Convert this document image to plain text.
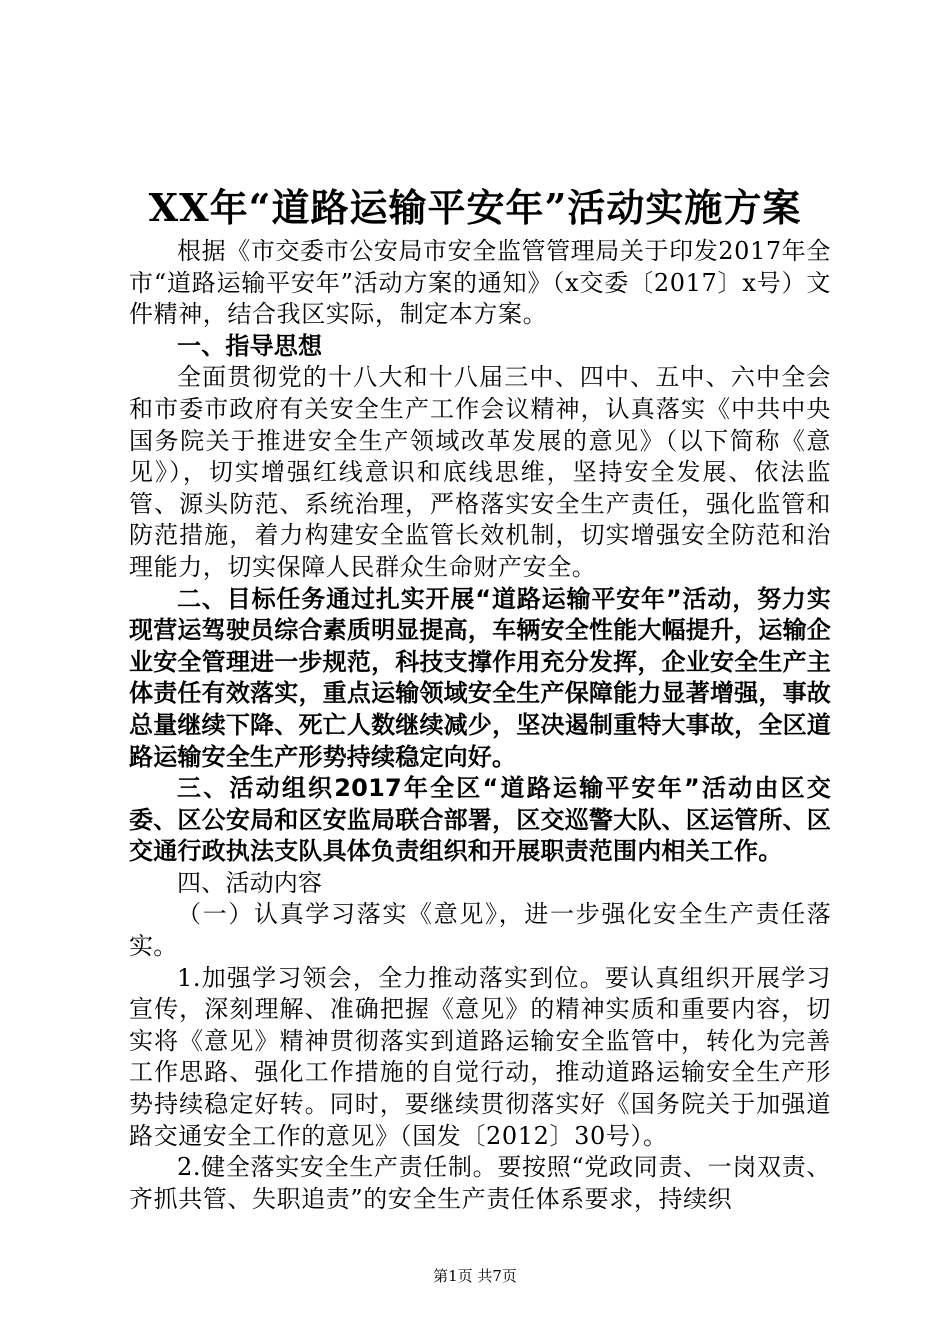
XX年“道路运输平安年”活动实施方案

根据《市交委市公安局市安全监管管理局关于印发2017年全市“道路运输平安年”活动方案的通知》（x交委〔2017〕x号）文件精神，结合我区实际，制定本方案。

一、指导思想

全面贯彻党的十八大和十八届三中、四中、五中、六中全会和市委市政府有关安全生产工作会议精神，认真落实《中共中央国务院关于推进安全生产领域改革发展的意见》（以下简称《意见》），切实增强红线意识和底线思维，坚持安全发展、依法监管、源头防范、系统治理，严格落实安全生产责任，强化监管和防范措施，着力构建安全监管长效机制，切实增强安全防范和治理能力，切实保障人民群众生命财产安全。

二、目标任务通过扎实开展“道路运输平安年”活动，努力实现营运驾驶员综合素质明显提高，车辆安全性能大幅提升，运输企业安全管理进一步规范，科技支撑作用充分发挥，企业安全生产主体责任有效落实，重点运输领域安全生产保障能力显著增强，事故总量继续下降、死亡人数继续减少，坚决遏制重特大事故，全区道路运输安全生产形势持续稳定向好。

三、活动组织2017年全区“道路运输平安年”活动由区交委、区公安局和区安监局联合部署，区交巡警大队、区运管所、区交通行政执法支队具体负责组织和开展职责范围内相关工作。

四、活动内容

（一）认真学习落实《意见》，进一步强化安全生产责任落实。

1.加强学习领会，全力推动落实到位。要认真组织开展学习宣传，深刻理解、准确把握《意见》的精神实质和重要内容，切实将《意见》精神贯彻落实到道路运输安全监管中，转化为完善工作思路、强化工作措施的自觉行动，推动道路运输安全生产形势持续稳定好转。同时，要继续贯彻落实好《国务院关于加强道路交通安全工作的意见》（国发〔2012〕30号）。

2.健全落实安全生产责任制。要按照“党政同责、一岗双责、齐抓共管、失职追责”的安全生产责任体系要求，持续织

第1页 共7页
